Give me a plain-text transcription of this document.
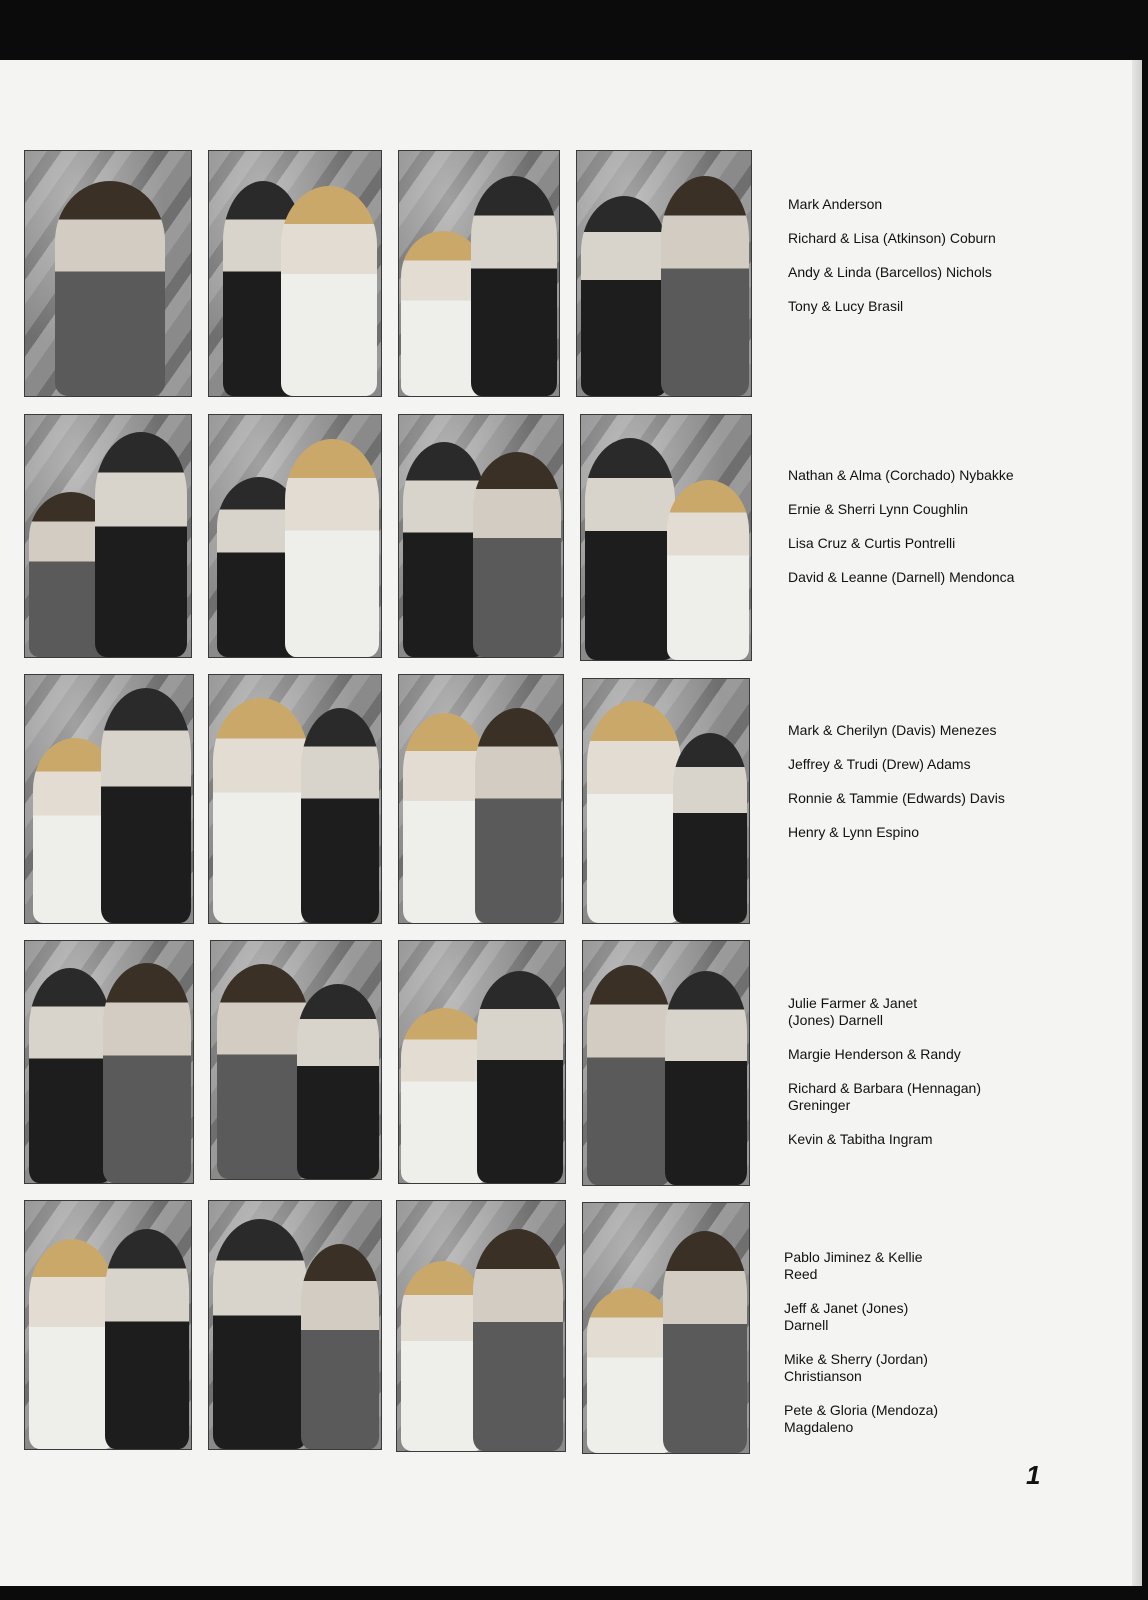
Mark Anderson
Richard & Lisa (Atkinson) Coburn
Andy & Linda (Barcellos) Nichols
Tony & Lucy Brasil
Nathan & Alma (Corchado) Nybakke
Ernie & Sherri Lynn Coughlin
Lisa Cruz & Curtis Pontrelli
David & Leanne (Darnell) Mendonca
Mark & Cherilyn (Davis) Menezes
Jeffrey & Trudi (Drew) Adams
Ronnie & Tammie (Edwards) Davis
Henry & Lynn Espino
Julie Farmer & Janet (Jones) Darnell
Margie Henderson & Randy
Richard & Barbara (Hennagan) Greninger
Kevin & Tabitha Ingram
Pablo Jiminez & Kellie Reed
Jeff & Janet (Jones) Darnell
Mike & Sherry (Jordan) Christianson
Pete & Gloria (Mendoza) Magdaleno
1
